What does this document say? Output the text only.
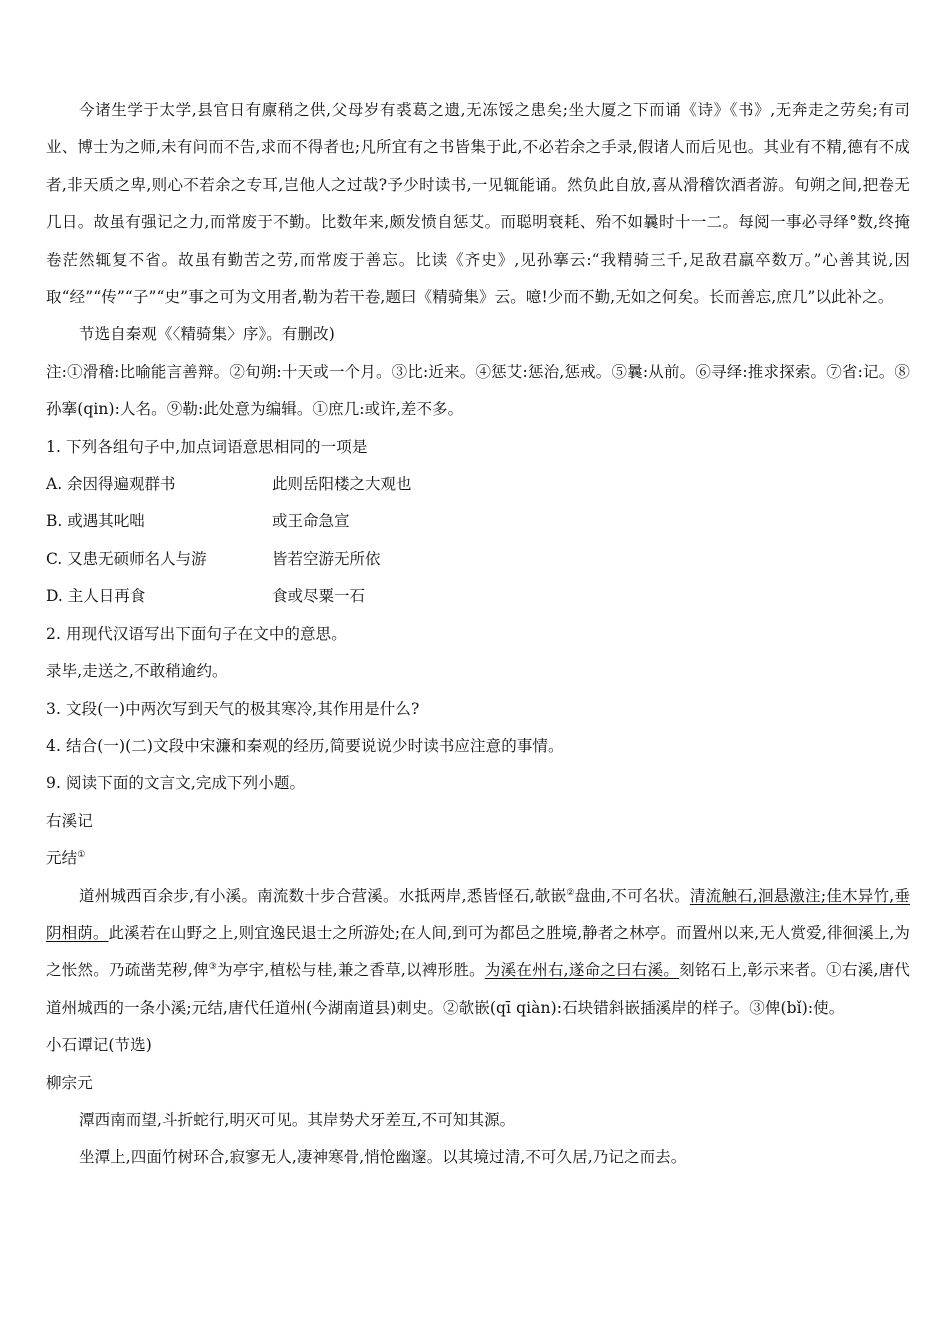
今诸生学于太学,县官日有廪稍之供,父母岁有裘葛之遗,无冻馁之患矣;坐大厦之下而诵《诗》《书》,无奔走之劳矣;有司业、博士为之师,未有问而不告,求而不得者也;凡所宜有之书皆集于此,不必若余之手录,假诸人而后见也。其业有不精,德有不成者,非天质之卑,则心不若余之专耳,岂他人之过哉?予少时读书,一见辄能诵。然负此自放,喜从滑稽饮酒者游。旬朔之间,把卷无几日。故虽有强记之力,而常废于不勤。比数年来,颇发愤自惩艾。而聪明衰耗、殆不如曩时十一二。每阅一事必寻绎°数,终掩卷茫然辄复不省。故虽有勤苦之劳,而常废于善忘。比读《齐史》,见孙搴云:“我精骑三千,足敌君羸卒数万。”心善其说,因取“经”“传”“子”“史”事之可为文用者,勒为若干卷,题曰《精骑集》云。噫!少而不勤,无如之何矣。长而善忘,庶几”以此补之。

节选自秦观《〈精骑集〉序》。有删改)

注:①滑稽:比喻能言善辩。②旬朔:十天或一个月。③比:近来。④惩艾:惩治,惩戒。⑤曩:从前。⑥寻绎:推求探索。⑦省:记。⑧孙搴(qin):人名。⑨勒:此处意为编辑。①庶几:或许,差不多。

1. 下列各组句子中,加点词语意思相同的一项是

A. 余因得遍观群书	此则岳阳楼之大观也
B. 或遇其叱咄	或王命急宣
C. 又患无硕师名人与游	皆若空游无所依
D. 主人日再食	食或尽粟一石

2. 用现代汉语写出下面句子在文中的意思。

录毕,走送之,不敢稍逾约。

3. 文段(一)中两次写到天气的极其寒冷,其作用是什么?

4. 结合(一)(二)文段中宋濂和秦观的经历,简要说说少时读书应注意的事情。

9. 阅读下面的文言文,完成下列小题。

右溪记

元结①

道州城西百余步,有小溪。南流数十步合营溪。水抵两岸,悉皆怪石,欹嵌②盘曲,不可名状。清流触石,洄悬激注;佳木异竹,垂阴相荫。此溪若在山野之上,则宜逸民退士之所游处;在人间,到可为都邑之胜境,静者之林亭。而置州以来,无人赏爱,徘徊溪上,为之怅然。乃疏凿芜秽,俾③为亭宇,植松与桂,兼之香草,以裨形胜。为溪在州右,遂命之曰右溪。刻铭石上,彰示来者。①右溪,唐代道州城西的一条小溪;元结,唐代任道州(今湖南道县)刺史。②欹嵌(qī qiàn):石块错斜嵌插溪岸的样子。③俾(bǐ):使。

小石谭记(节选)

柳宗元

潭西南而望,斗折蛇行,明灭可见。其岸势犬牙差互,不可知其源。

坐潭上,四面竹树环合,寂寥无人,凄神寒骨,悄怆幽邃。以其境过清,不可久居,乃记之而去。
